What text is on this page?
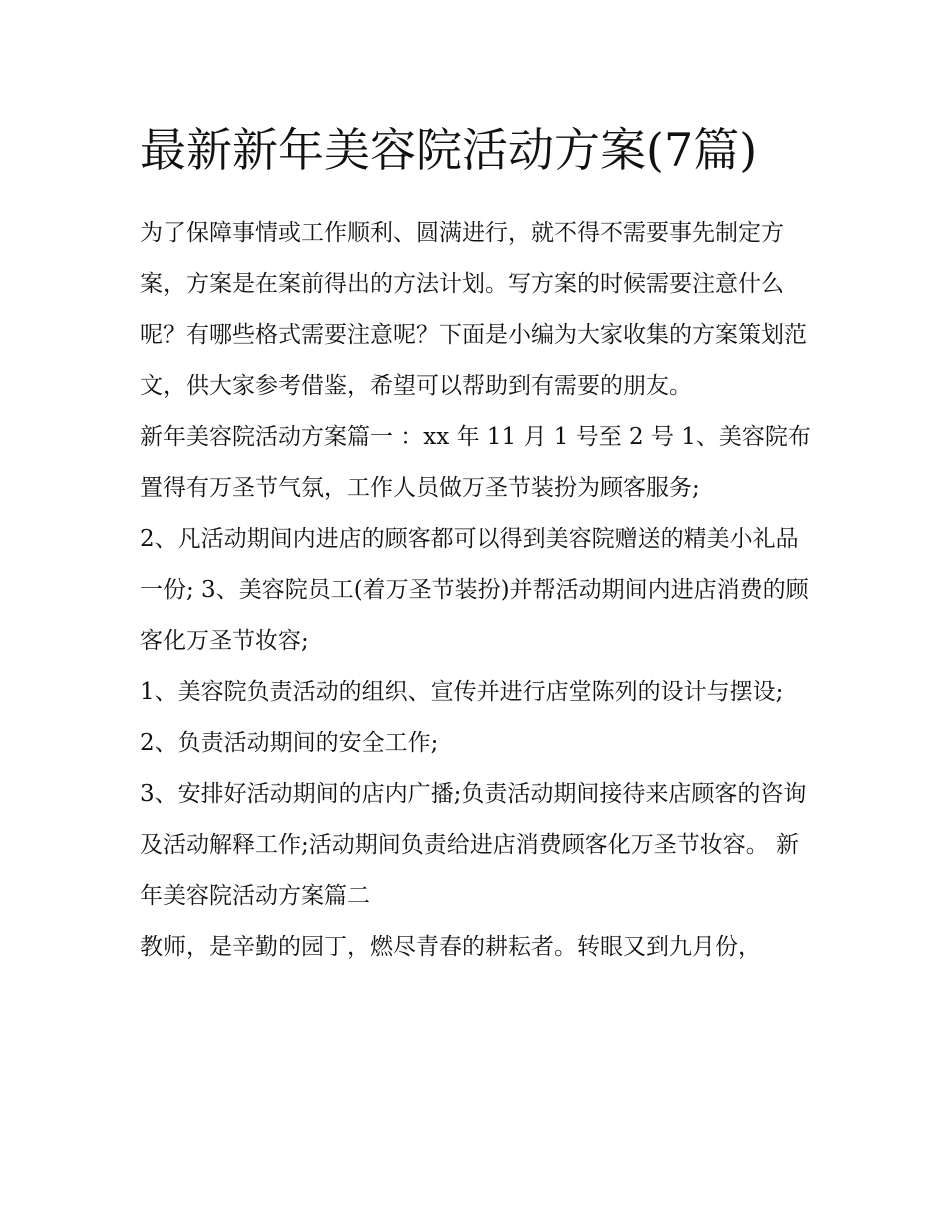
最新新年美容院活动方案(7篇)

为了保障事情或工作顺利、圆满进行，就不得不需要事先制定方案，方案是在案前得出的方法计划。写方案的时候需要注意什么呢？有哪些格式需要注意呢？下面是小编为大家收集的方案策划范文，供大家参考借鉴，希望可以帮助到有需要的朋友。

新年美容院活动方案篇一 ：xx 年 11 月 1 号至 2 号 1、美容院布置得有万圣节气氛，工作人员做万圣节装扮为顾客服务;

2、凡活动期间内进店的顾客都可以得到美容院赠送的精美小礼品一份; 3、美容院员工(着万圣节装扮)并帮活动期间内进店消费的顾客化万圣节妆容;

1、美容院负责活动的组织、宣传并进行店堂陈列的设计与摆设; 2、负责活动期间的安全工作;

3、安排好活动期间的店内广播;负责活动期间接待来店顾客的咨询及活动解释工作;活动期间负责给进店消费顾客化万圣节妆容。 新年美容院活动方案篇二

教师，是辛勤的园丁，燃尽青春的耕耘者。转眼又到九月份，
